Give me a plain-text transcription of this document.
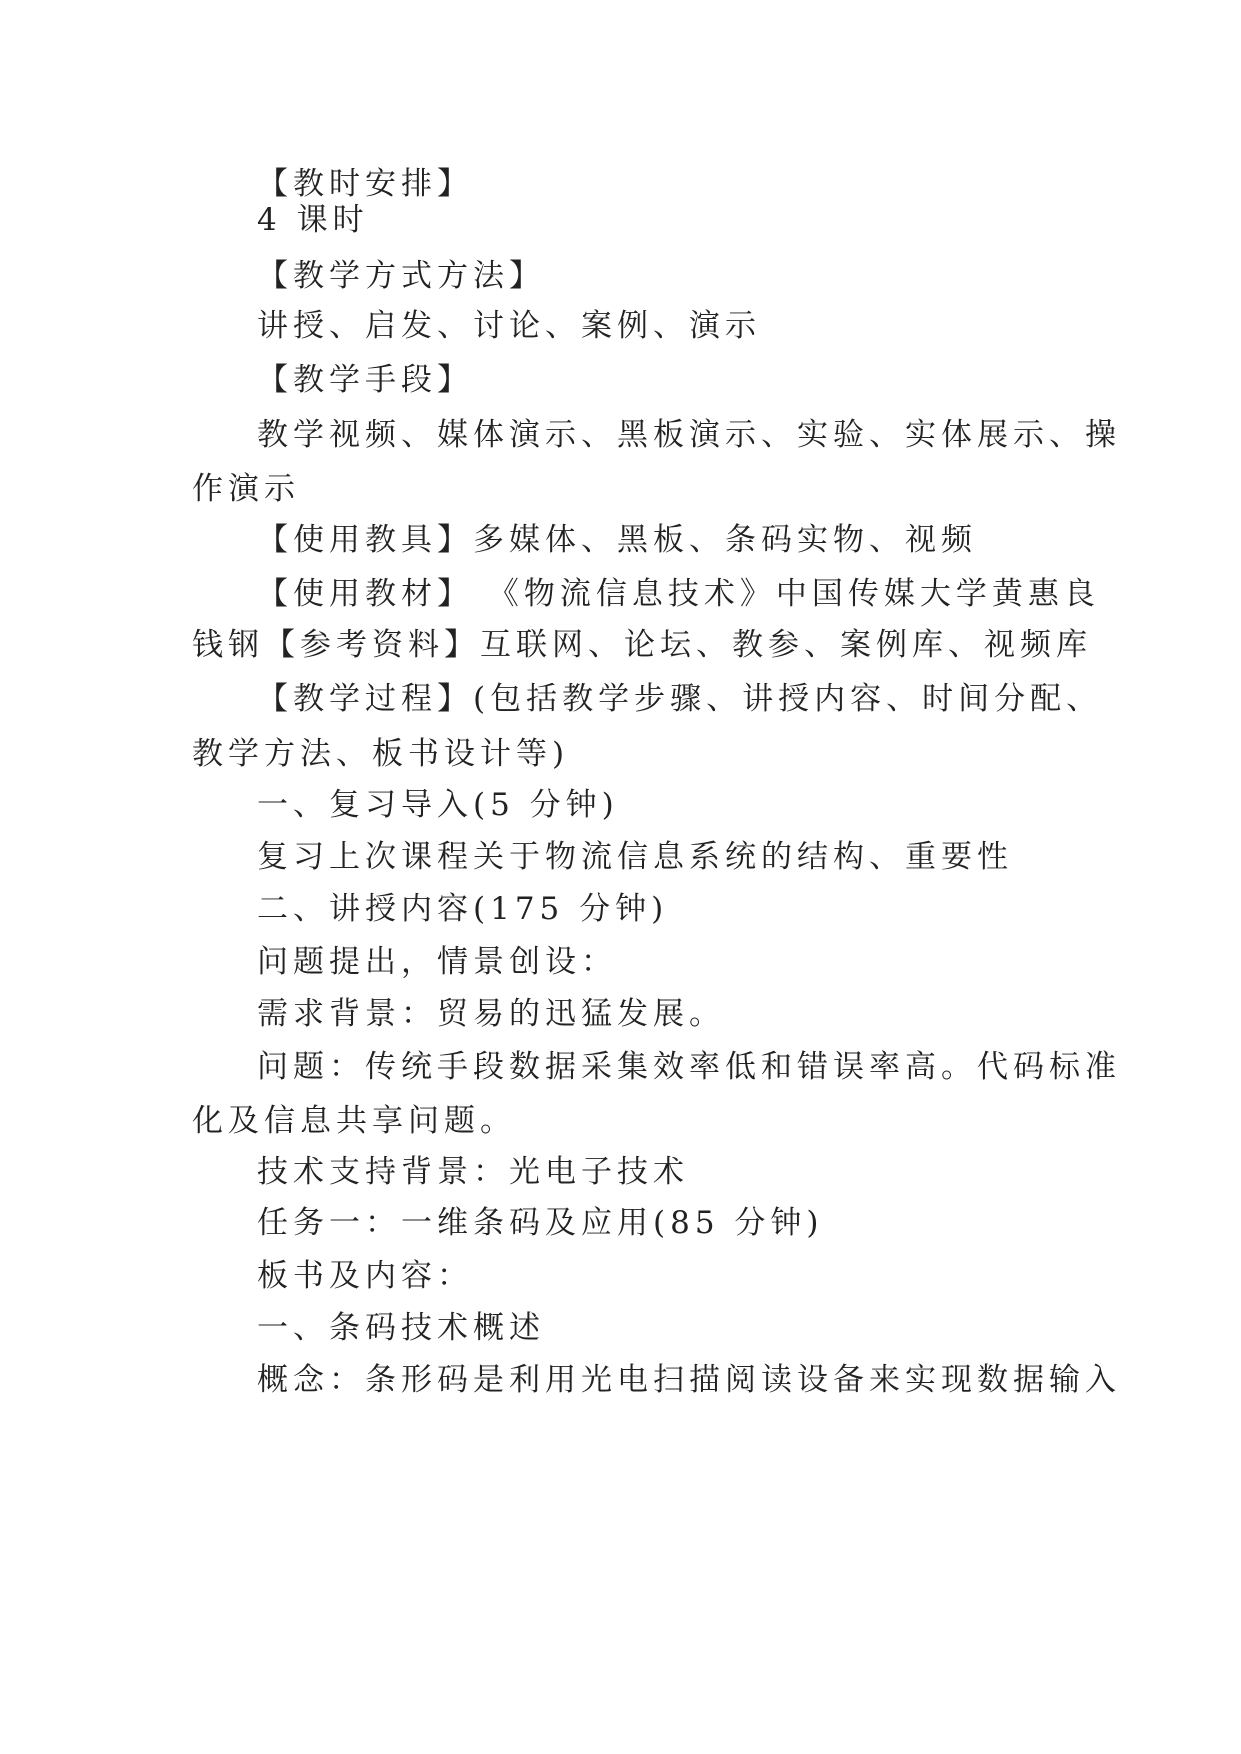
【教时安排】

4 课时

【教学方式方法】

讲授、启发、讨论、案例、演示

【教学手段】

教学视频、媒体演示、黑板演示、实验、实体展示、操

作演示

【使用教具】多媒体、黑板、条码实物、视频

【使用教材】 《物流信息技术》中国传媒大学黄惠良

钱钢【参考资料】互联网、论坛、教参、案例库、视频库

【教学过程】(包括教学步骤、讲授内容、时间分配、

教学方法、板书设计等)

一、复习导入(5 分钟)

复习上次课程关于物流信息系统的结构、重要性

二、讲授内容(175 分钟)

问题提出，情景创设：

需求背景：贸易的迅猛发展。

问题：传统手段数据采集效率低和错误率高。代码标准

化及信息共享问题。

技术支持背景：光电子技术

任务一：一维条码及应用(85 分钟)

板书及内容：

一、条码技术概述

概念：条形码是利用光电扫描阅读设备来实现数据输入
